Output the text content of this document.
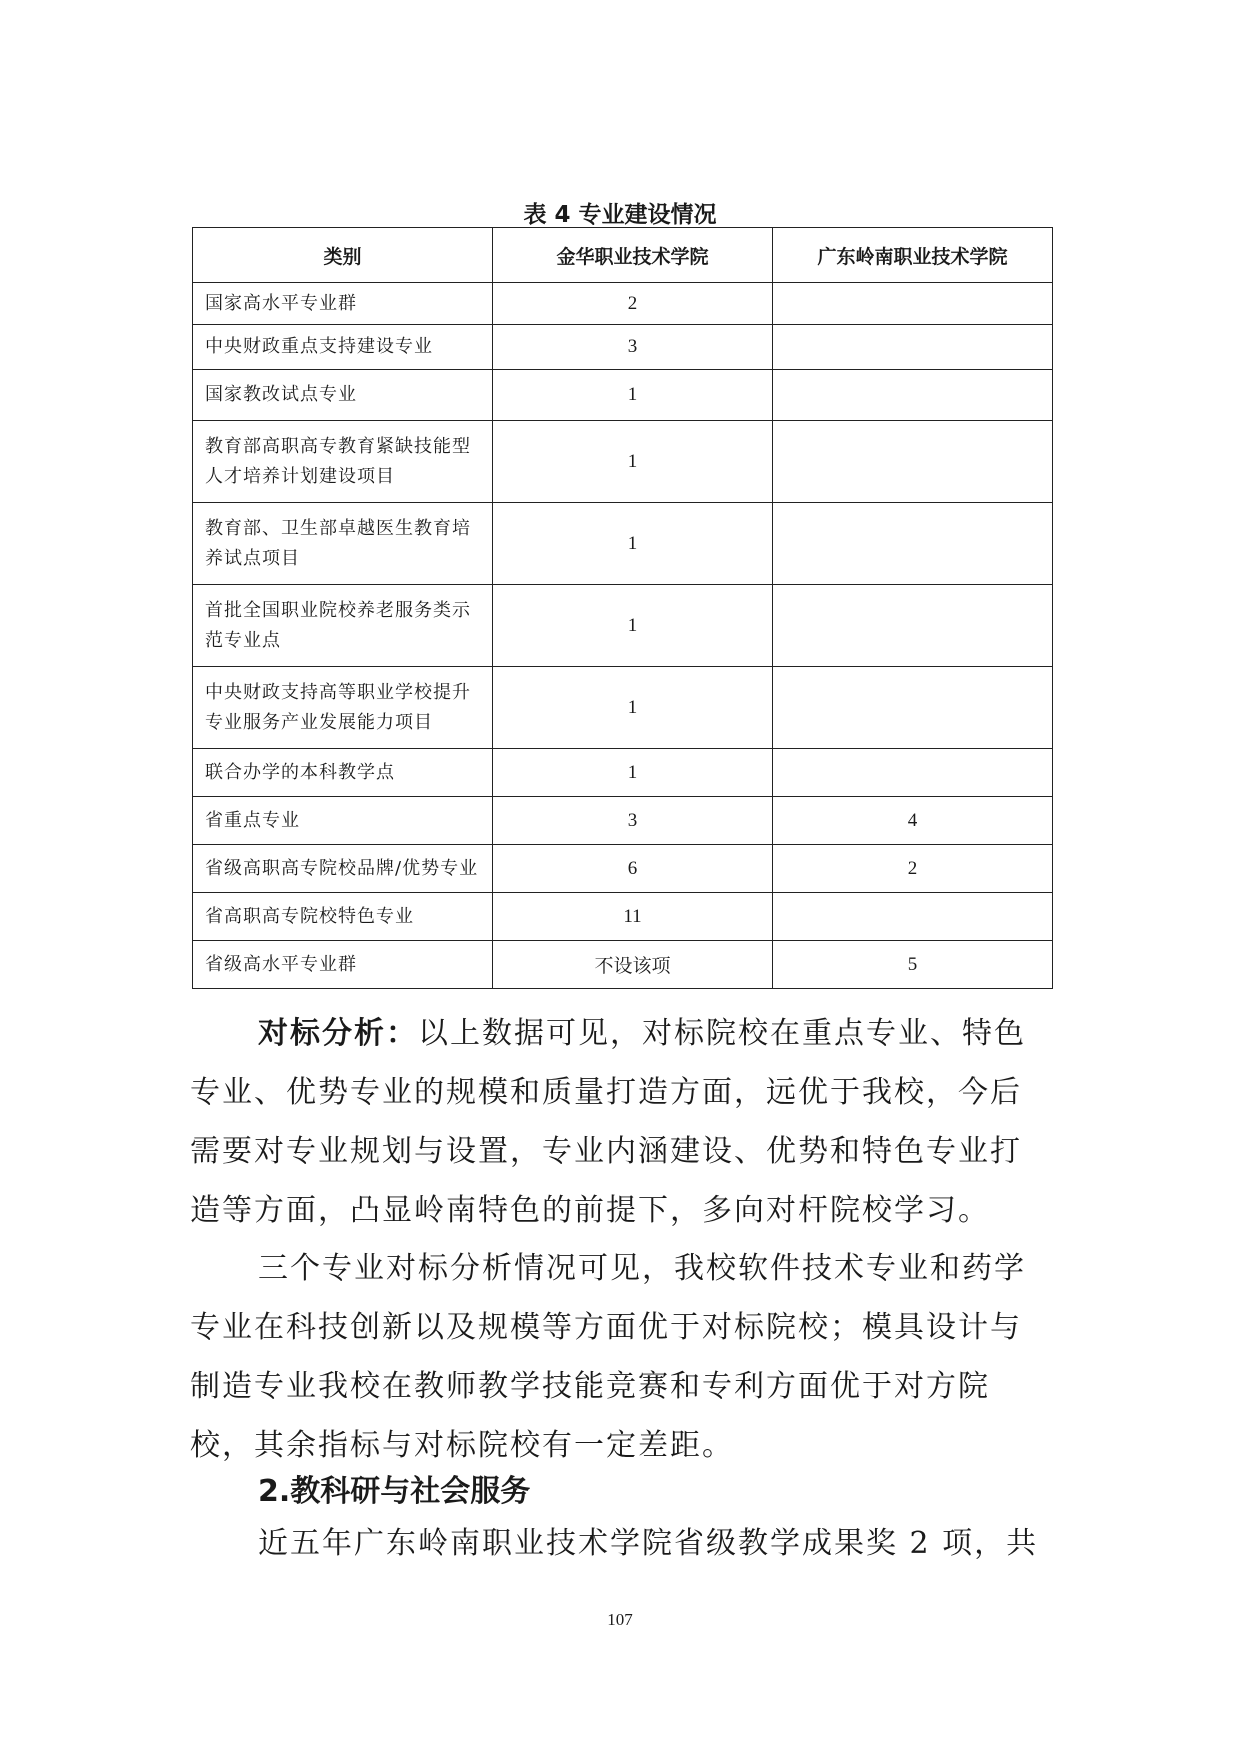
表 4 专业建设情况
类别	金华职业技术学院	广东岭南职业技术学院
国家高水平专业群	2	
中央财政重点支持建设专业	3	
国家教改试点专业	1	
教育部高职高专教育紧缺技能型人才培养计划建设项目	1	
教育部、卫生部卓越医生教育培养试点项目	1	
首批全国职业院校养老服务类示范专业点	1	
中央财政支持高等职业学校提升专业服务产业发展能力项目	1	
联合办学的本科教学点	1	
省重点专业	3	4
省级高职高专院校品牌/优势专业	6	2
省高职高专院校特色专业	11	
省级高水平专业群	不设该项	5
对标分析：以上数据可见，对标院校在重点专业、特色专业、优势专业的规模和质量打造方面，远优于我校，今后需要对专业规划与设置，专业内涵建设、优势和特色专业打造等方面，凸显岭南特色的前提下，多向对杆院校学习。
三个专业对标分析情况可见，我校软件技术专业和药学专业在科技创新以及规模等方面优于对标院校；模具设计与制造专业我校在教师教学技能竞赛和专利方面优于对方院校，其余指标与对标院校有一定差距。
2.教科研与社会服务
近五年广东岭南职业技术学院省级教学成果奖 2 项，共
107
